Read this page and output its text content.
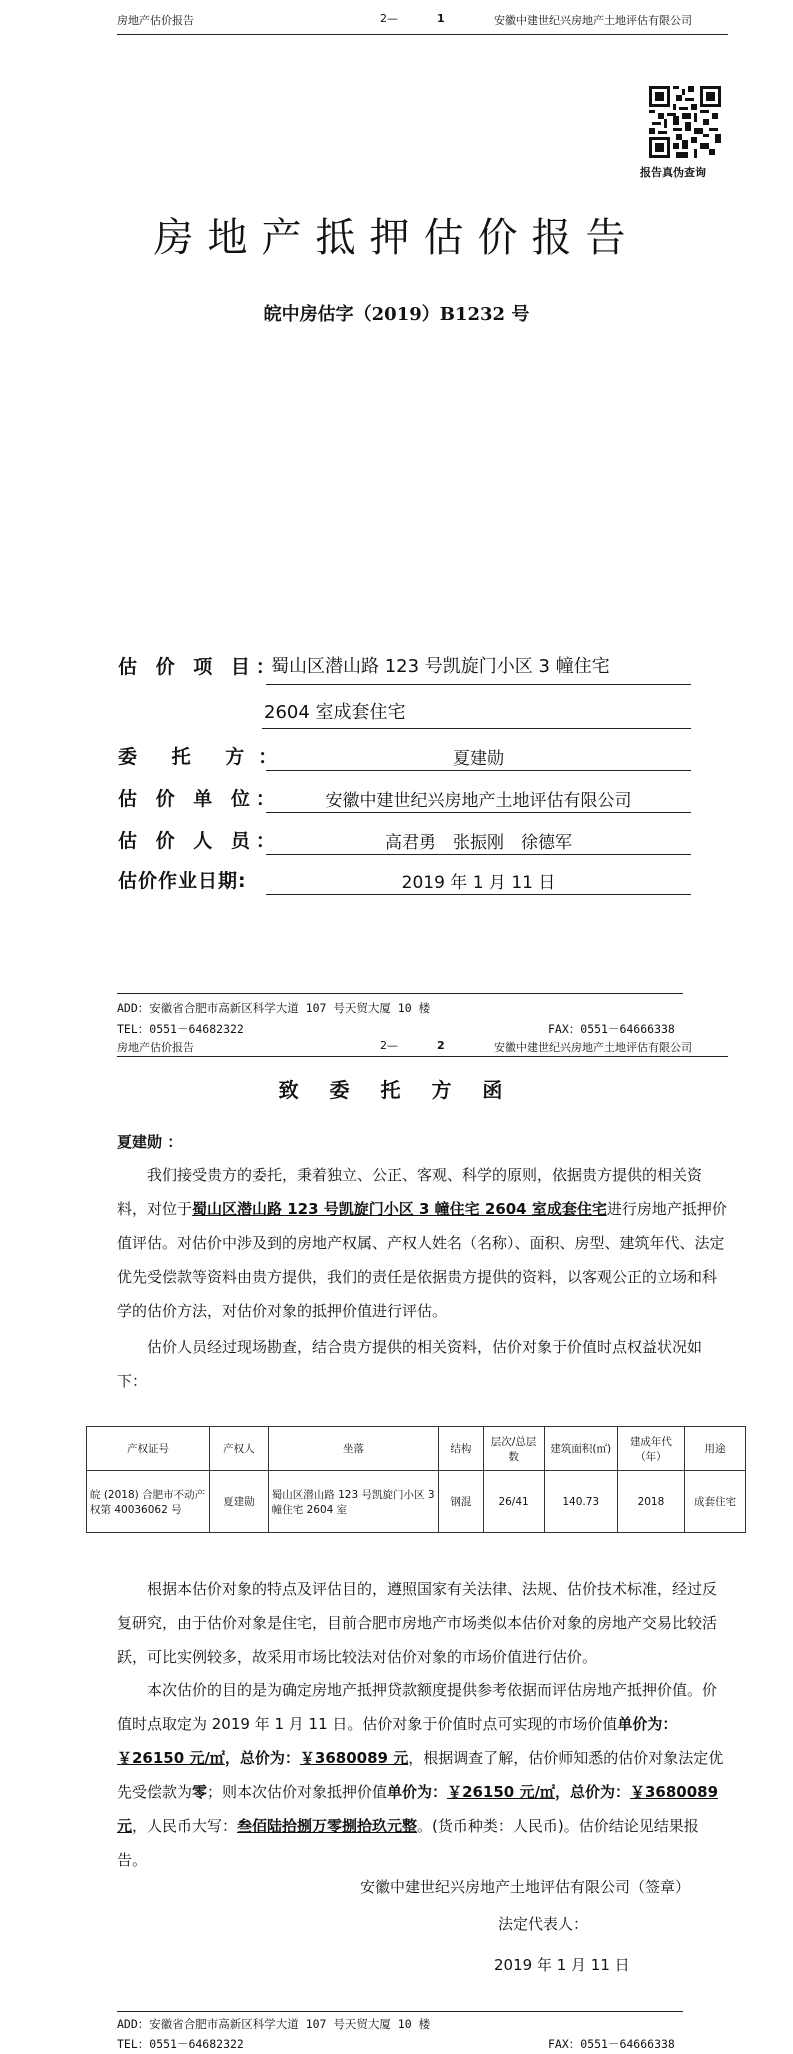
房地产估价报告	2—	1	安徽中建世纪兴房地产土地评估有限公司
报告真伪查询
房地产抵押估价报告
皖中房估字（2019）B1232 号
估 价 项 目：
蜀山区潜山路 123 号凯旋门小区 3 幢住宅
2604 室成套住宅
委 托 方：	夏建勋
估 价 单 位：	安徽中建世纪兴房地产土地评估有限公司
估 价 人 员：	高君勇　张振刚　徐德军
估价作业日期:	2019 年 1 月 11 日
ADD：安徽省合肥市高新区科学大道 107 号天贸大厦 10 楼
TEL：0551－64682322	FAX：0551－64666338
房地产估价报告	2—	2	安徽中建世纪兴房地产土地评估有限公司
致 委 托 方 函
夏建勋 ：

我们接受贵方的委托，秉着独立、公正、客观、科学的原则，依据贵方提供的相关资料，对位于蜀山区潜山路 123 号凯旋门小区 3 幢住宅 2604 室成套住宅进行房地产抵押价值评估。对估价中涉及到的房地产权属、产权人姓名（名称）、面积、房型、建筑年代、法定优先受偿款等资料由贵方提供，我们的责任是依据贵方提供的资料，以客观公正的立场和科学的估价方法，对估价对象的抵押价值进行评估。

估价人员经过现场勘查，结合贵方提供的相关资料，估价对象于价值时点权益状况如下：

产权证号	产权人	坐落	结构	层次/总层数	建筑面积(㎡)	建成年代（年）	用途
皖 (2018) 合肥市不动产权第 40036062 号	夏建勋	蜀山区潜山路 123 号凯旋门小区 3 幢住宅 2604 室	钢混	26/41	140.73	2018	成套住宅

根据本估价对象的特点及评估目的，遵照国家有关法律、法规、估价技术标准，经过反复研究，由于估价对象是住宅，目前合肥市房地产市场类似本估价对象的房地产交易比较活跃，可比实例较多，故采用市场比较法对估价对象的市场价值进行估价。

本次估价的目的是为确定房地产抵押贷款额度提供参考依据而评估房地产抵押价值。价值时点取定为 2019 年 1 月 11 日。估价对象于价值时点可实现的市场价值单价为：￥26150 元/㎡，总价为：￥3680089 元，根据调查了解，估价师知悉的估价对象法定优先受偿款为零；则本次估价对象抵押价值单价为：￥26150 元/㎡，总价为：￥3680089 元，人民币大写：叁佰陆拾捌万零捌拾玖元整。(货币种类：人民币)。估价结论见结果报告。

安徽中建世纪兴房地产土地评估有限公司（签章）
法定代表人：
2019 年 1 月 11 日
ADD：安徽省合肥市高新区科学大道 107 号天贸大厦 10 楼
TEL：0551－64682322	FAX：0551－64666338
